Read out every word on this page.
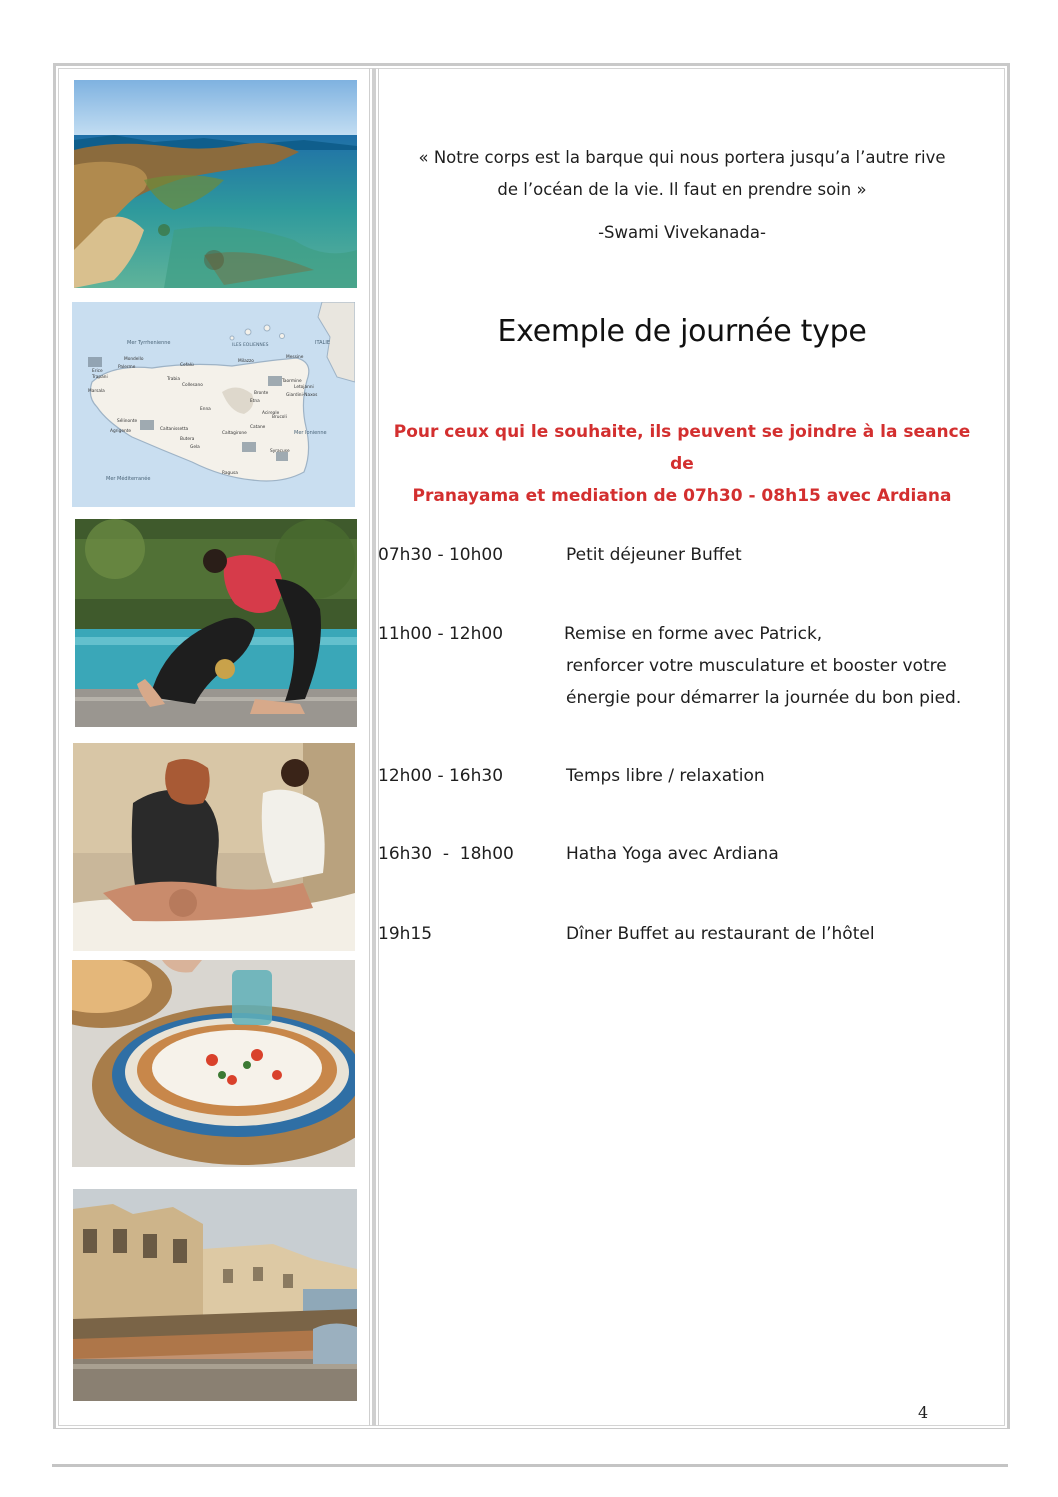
Mer Tyrrhenienne	ILES EOLIENNES	ITALIE
Mer Ionienne
Mer Méditerranée
Mondello
Palerme	Cefalù
Trabia
Erice
Trapani
Marsala
Collesano
Sélinonte
Agrigente	Caltanissetta
Enna
Butera
Gela
Ragusa
Syracuse
Catane
Etna
Acireale
Taormine
Messine
Milazzo
Letojanni
Giardini-Naxos
Bronte
Caltagirone
Brucoli
« Notre corps est la barque qui nous portera jusqu’a l’autre rive
de l’océan de la vie. Il faut en prendre soin »
-Swami Vivekanada-
Exemple de journée type
Pour ceux qui le souhaite, ils peuvent se joindre à la seance de
Pranayama et mediation de 07h30 - 08h15 avec Ardiana
07h30 - 10h00	Petit déjeuner Buffet
11h00 - 12h00	Remise en forme avec Patrick,
renforcer votre musculature et booster votre
énergie pour démarrer la journée du bon pied.
12h00 - 16h30	Temps libre / relaxation
16h30  -  18h00	Hatha Yoga avec Ardiana
19h15	Dîner Buffet au restaurant de l’hôtel
4
